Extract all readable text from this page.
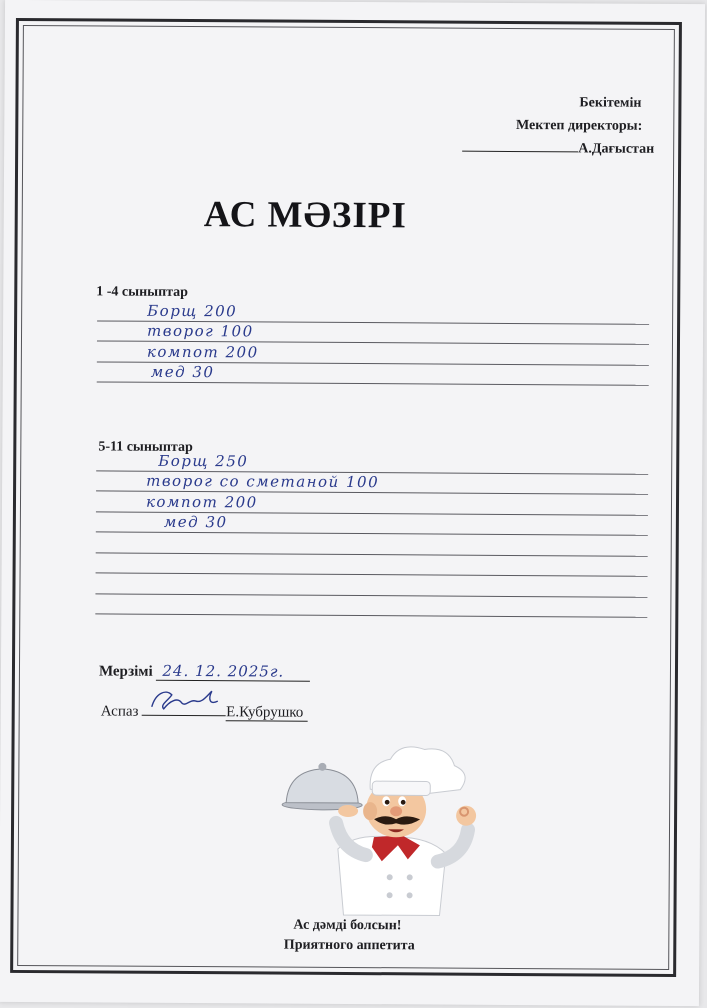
Бекітемін
Мектеп директоры:
А.Дағыстан
АС МӘЗІРІ
1 -4 сыныптар
Борщ 200
творог 100
компот 200
мед 30
5-11 сыныптар
Борщ 250
творог со сметаной 100
компот 200
мед 30
Мерзімі 24. 12. 2025г.
Аспаз	Е.Кубрушко
Ас дәмді болсын!
Приятного аппетита
